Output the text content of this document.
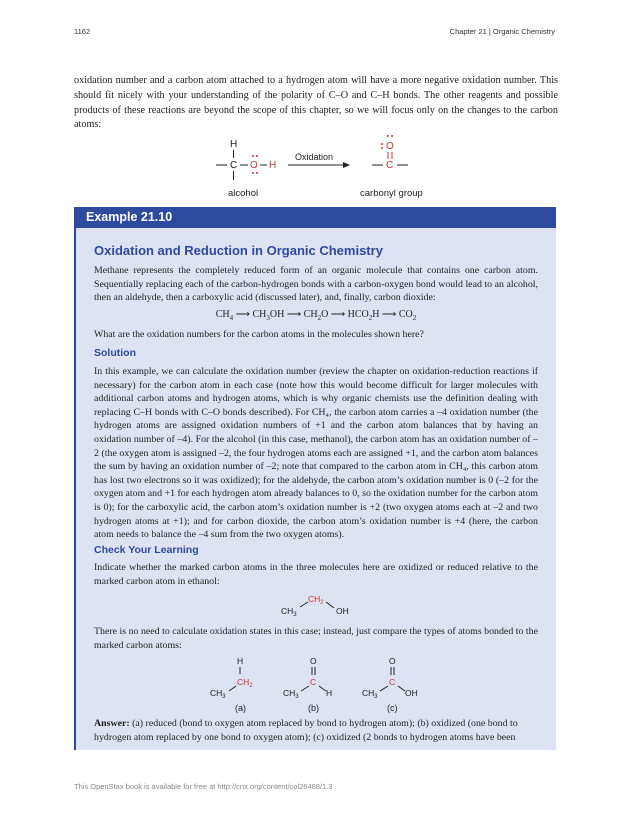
1162	Chapter 21 | Organic Chemistry

oxidation number and a carbon atom attached to a hydrogen atom will have a more negative oxidation number. This should fit nicely with your understanding of the polarity of C–O and C–H bonds. The other reagents and possible products of these reactions are beyond the scope of this chapter, so we will focus only on the changes to the carbon atoms:

H
C O H
Oxidation
O
C
alcohol	carbonyl group
Example 21.10
Oxidation and Reduction in Organic Chemistry

Methane represents the completely reduced form of an organic molecule that contains one carbon atom. Sequentially replacing each of the carbon-hydrogen bonds with a carbon-oxygen bond would lead to an alcohol, then an aldehyde, then a carboxylic acid (discussed later), and, finally, carbon dioxide:

$CH_4$ ⟶ $CH_3OH$ ⟶ $CH_2O$ ⟶ $HCO_2H$ ⟶ $CO_2$

What are the oxidation numbers for the carbon atoms in the molecules shown here?

Solution

In this example, we can calculate the oxidation number (review the chapter on oxidation-reduction reactions if necessary) for the carbon atom in each case (note how this would become difficult for larger molecules with additional carbon atoms and hydrogen atoms, which is why organic chemists use the definition dealing with replacing C–H bonds with C–O bonds described). For CH₄, the carbon atom carries a –4 oxidation number (the hydrogen atoms are assigned oxidation numbers of +1 and the carbon atom balances that by having an oxidation number of –4). For the alcohol (in this case, methanol), the carbon atom has an oxidation number of –2 (the oxygen atom is assigned –2, the four hydrogen atoms each are assigned +1, and the carbon atom balances the sum by having an oxidation number of –2; note that compared to the carbon atom in CH₄, this carbon atom has lost two electrons so it was oxidized); for the aldehyde, the carbon atom’s oxidation number is 0 (–2 for the oxygen atom and +1 for each hydrogen atom already balances to 0, so the oxidation number for the carbon atom is 0); for the carboxylic acid, the carbon atom’s oxidation number is +2 (two oxygen atoms each at –2 and two hydrogen atoms at +1); and for carbon dioxide, the carbon atom’s oxidation number is +4 (here, the carbon atom needs to balance the –4 sum from the two oxygen atoms).

Check Your Learning

Indicate whether the marked carbon atoms in the three molecules here are oxidized or reduced relative to the marked carbon atom in ethanol:

$CH_3$
$CH_2$
OH

There is no need to calculate oxidation states in this case; instead, just compare the types of atoms bonded to the marked carbon atoms:

H
$CH_2$
$CH_3$
(a)
O
C
$CH_3$	H
(b)
O
C
$CH_3$	OH
(c)

Answer: (a) reduced (bond to oxygen atom replaced by bond to hydrogen atom); (b) oxidized (one bond to hydrogen atom replaced by one bond to oxygen atom); (c) oxidized (2 bonds to hydrogen atoms have been

This OpenStax book is available for free at http://cnx.org/content/col26488/1.3
